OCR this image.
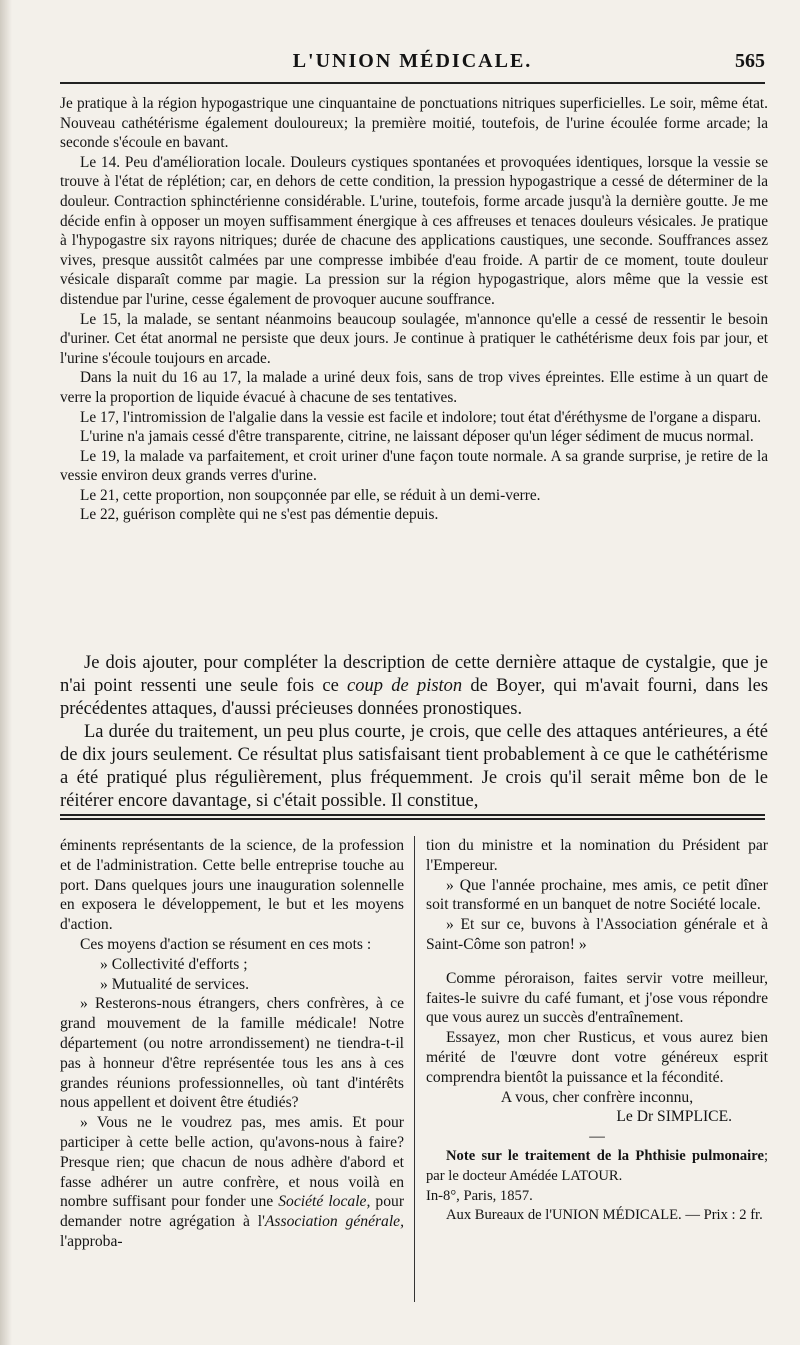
L'UNION MÉDICALE.	565

Je pratique à la région hypogastrique une cinquantaine de ponctuations nitriques superficielles. Le soir, même état. Nouveau cathétérisme également douloureux; la première moitié, toutefois, de l'urine écoulée forme arcade; la seconde s'écoule en bavant.

Le 14. Peu d'amélioration locale. Douleurs cystiques spontanées et provoquées identiques, lorsque la vessie se trouve à l'état de réplétion; car, en dehors de cette condition, la pression hypogastrique a cessé de déterminer de la douleur. Contraction sphinctérienne considérable. L'urine, toutefois, forme arcade jusqu'à la dernière goutte. Je me décide enfin à opposer un moyen suffisamment énergique à ces affreuses et tenaces douleurs vésicales. Je pratique à l'hypogastre six rayons nitriques; durée de chacune des applications caustiques, une seconde. Souffrances assez vives, presque aussitôt calmées par une compresse imbibée d'eau froide. A partir de ce moment, toute douleur vésicale disparaît comme par magie. La pression sur la région hypogastrique, alors même que la vessie est distendue par l'urine, cesse également de provoquer aucune souffrance.

Le 15, la malade, se sentant néanmoins beaucoup soulagée, m'annonce qu'elle a cessé de ressentir le besoin d'uriner. Cet état anormal ne persiste que deux jours. Je continue à pratiquer le cathétérisme deux fois par jour, et l'urine s'écoule toujours en arcade.

Dans la nuit du 16 au 17, la malade a uriné deux fois, sans de trop vives épreintes. Elle estime à un quart de verre la proportion de liquide évacué à chacune de ses tentatives.

Le 17, l'intromission de l'algalie dans la vessie est facile et indolore; tout état d'éréthysme de l'organe a disparu.

L'urine n'a jamais cessé d'être transparente, citrine, ne laissant déposer qu'un léger sédiment de mucus normal.

Le 19, la malade va parfaitement, et croit uriner d'une façon toute normale. A sa grande surprise, je retire de la vessie environ deux grands verres d'urine.

Le 21, cette proportion, non soupçonnée par elle, se réduit à un demi-verre.

Le 22, guérison complète qui ne s'est pas démentie depuis.

Je dois ajouter, pour compléter la description de cette dernière attaque de cystalgie, que je n'ai point ressenti une seule fois ce coup de piston de Boyer, qui m'avait fourni, dans les précédentes attaques, d'aussi précieuses données pronostiques.

La durée du traitement, un peu plus courte, je crois, que celle des attaques antérieures, a été de dix jours seulement. Ce résultat plus satisfaisant tient probablement à ce que le cathétérisme a été pratiqué plus régulièrement, plus fréquemment. Je crois qu'il serait même bon de le réitérer encore davantage, si c'était possible. Il constitue,

éminents représentants de la science, de la profession et de l'administration. Cette belle entreprise touche au port. Dans quelques jours une inauguration solennelle en exposera le développement, le but et les moyens d'action.

Ces moyens d'action se résument en ces mots :

» Collectivité d'efforts ;

» Mutualité de services.

» Resterons-nous étrangers, chers confrères, à ce grand mouvement de la famille médicale! Notre département (ou notre arrondissement) ne tiendra-t-il pas à honneur d'être représentée tous les ans à ces grandes réunions professionnelles, où tant d'intérêts nous appellent et doivent être étudiés?

» Vous ne le voudrez pas, mes amis. Et pour participer à cette belle action, qu'avons-nous à faire? Presque rien; que chacun de nous adhère d'abord et fasse adhérer un autre confrère, et nous voilà en nombre suffisant pour fonder une Société locale, pour demander notre agrégation à l'Association générale, l'approba-

tion du ministre et la nomination du Président par l'Empereur.

» Que l'année prochaine, mes amis, ce petit dîner soit transformé en un banquet de notre Société locale.

» Et sur ce, buvons à l'Association générale et à Saint-Côme son patron! »

Comme péroraison, faites servir votre meilleur, faites-le suivre du café fumant, et j'ose vous répondre que vous aurez un succès d'entraînement.

Essayez, mon cher Rusticus, et vous aurez bien mérité de l'œuvre dont votre généreux esprit comprendra bientôt la puissance et la fécondité.

A vous, cher confrère inconnu,

Le Dr SIMPLICE.

—

Note sur le traitement de la Phthisie pulmonaire; par le docteur Amédée LATOUR.

In-8°, Paris, 1857.

Aux Bureaux de l'UNION MÉDICALE. — Prix : 2 fr.
